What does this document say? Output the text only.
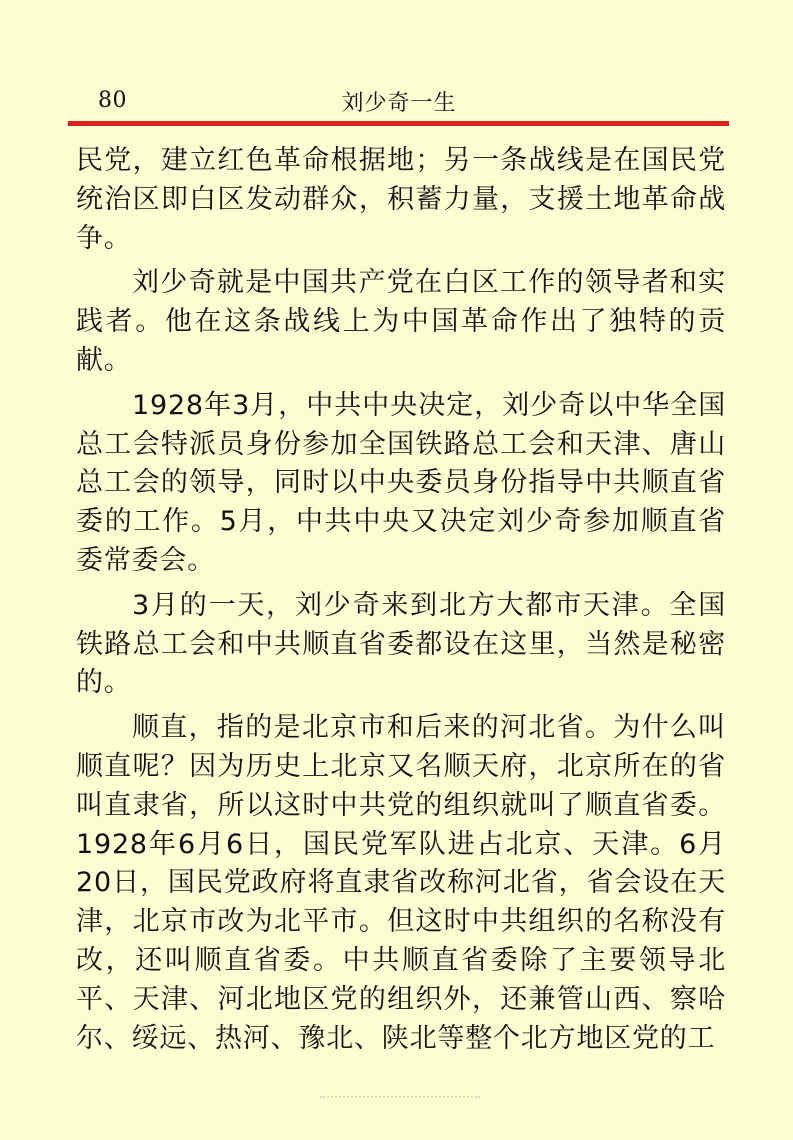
80	刘少奇一生

民党，建立红色革命根据地；另一条战线是在国民党统治区即白区发动群众，积蓄力量，支援土地革命战争。

刘少奇就是中国共产党在白区工作的领导者和实践者。他在这条战线上为中国革命作出了独特的贡献。

1928年3月，中共中央决定，刘少奇以中华全国总工会特派员身份参加全国铁路总工会和天津、唐山总工会的领导，同时以中央委员身份指导中共顺直省委的工作。5月，中共中央又决定刘少奇参加顺直省委常委会。

3月的一天，刘少奇来到北方大都市天津。全国铁路总工会和中共顺直省委都设在这里，当然是秘密的。

顺直，指的是北京市和后来的河北省。为什么叫顺直呢？因为历史上北京又名顺天府，北京所在的省叫直隶省，所以这时中共党的组织就叫了顺直省委。1928年6月6日，国民党军队进占北京、天津。6月20日，国民党政府将直隶省改称河北省，省会设在天津，北京市改为北平市。但这时中共组织的名称没有改，还叫顺直省委。中共顺直省委除了主要领导北平、天津、河北地区党的组织外，还兼管山西、察哈尔、绥远、热河、豫北、陕北等整个北方地区党的工
